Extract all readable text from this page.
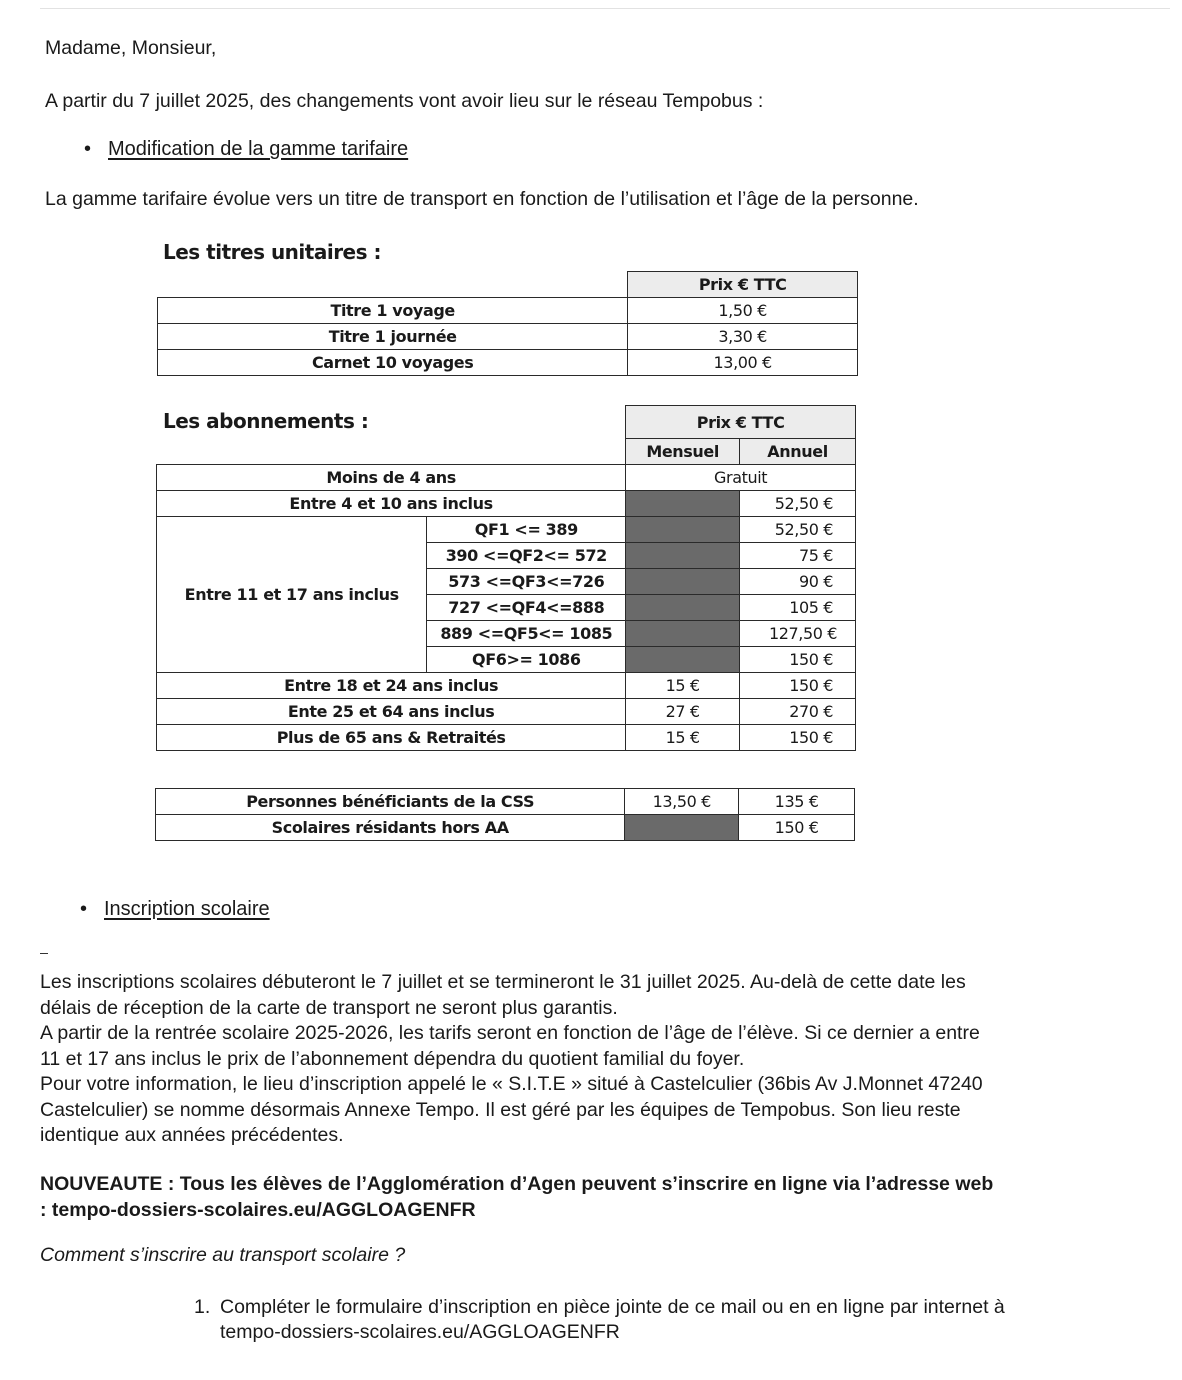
Madame, Monsieur,
A partir du 7 juillet 2025, des changements vont avoir lieu sur le réseau Tempobus :
• Modification de la gamme tarifaire
La gamme tarifaire évolue vers un titre de transport en fonction de l’utilisation et l’âge de la personne.
Les titres unitaires :
	Prix € TTC
Titre 1 voyage	1,50 €
Titre 1 journée	3,30 €
Carnet 10 voyages	13,00 €
Les abonnements :
		Prix € TTC	
		Mensuel	Annuel
Moins de 4 ans		Gratuit	
Entre 4 et 10 ans inclus			52,50 €
Entre 11 et 17 ans inclus	QF1 <= 389		52,50 €
	390 <=QF2<= 572		75 €
	573 <=QF3<=726		90 €
	727 <=QF4<=888		105 €
	889 <=QF5<= 1085		127,50 €
	QF6>= 1086		150 €
Entre 18 et 24 ans inclus		15 €	150 €
Ente 25 et 64 ans inclus		27 €	270 €
Plus de 65 ans & Retraités		15 €	150 €
Personnes bénéficiants de la CSS	13,50 €	135 €
Scolaires résidants hors AA		150 €
• Inscription scolaire
Les inscriptions scolaires débuteront le 7 juillet et se termineront le 31 juillet 2025. Au-delà de cette date les
délais de réception de la carte de transport ne seront plus garantis.
A partir de la rentrée scolaire 2025-2026, les tarifs seront en fonction de l’âge de l’élève. Si ce dernier a entre
11 et 17 ans inclus le prix de l’abonnement dépendra du quotient familial du foyer.
Pour votre information, le lieu d’inscription appelé le « S.I.T.E » situé à Castelculier (36bis Av J.Monnet 47240
Castelculier) se nomme désormais Annexe Tempo. Il est géré par les équipes de Tempobus. Son lieu reste
identique aux années précédentes.
NOUVEAUTE : Tous les élèves de l’Agglomération d’Agen peuvent s’inscrire en ligne via l’adresse web
: tempo-dossiers-scolaires.eu/AGGLOAGENFR
Comment s’inscrire au transport scolaire ?
1. Compléter le formulaire d’inscription en pièce jointe de ce mail ou en en ligne par internet à
tempo-dossiers-scolaires.eu/AGGLOAGENFR
